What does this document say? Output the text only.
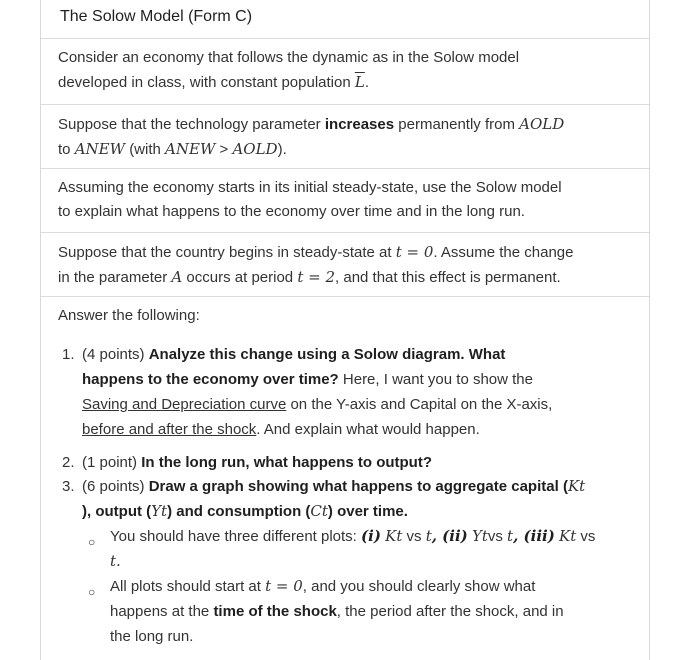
The Solow Model (Form C)
Consider an economy that follows the dynamic as in the Solow model
developed in class, with constant population $\overline{L}$.
Suppose that the technology parameter increases permanently from AOLD
to ANEW (with ANEW > AOLD).
Assuming the economy starts in its initial steady-state, use the Solow model
to explain what happens to the economy over time and in the long run.
Suppose that the country begins in steady-state at t = 0. Assume the change
in the parameter A occurs at period t = 2, and that this effect is permanent.
Answer the following:
1. (4 points) Analyze this change using a Solow diagram. What
happens to the economy over time? Here, I want you to show the
Saving and Depreciation curve on the Y-axis and Capital on the X-axis,
before and after the shock. And explain what would happen.
2. (1 point) In the long run, what happens to output?
3. (6 points) Draw a graph showing what happens to aggregate capital (Kt
), output (Yt) and consumption (Ct) over time.
○ You should have three different plots: (i) Kt vs t, (ii) Ytvs t, (iii) Kt vs
t.
○ All plots should start at t = 0, and you should clearly show what
happens at the time of the shock, the period after the shock, and in
the long run.
